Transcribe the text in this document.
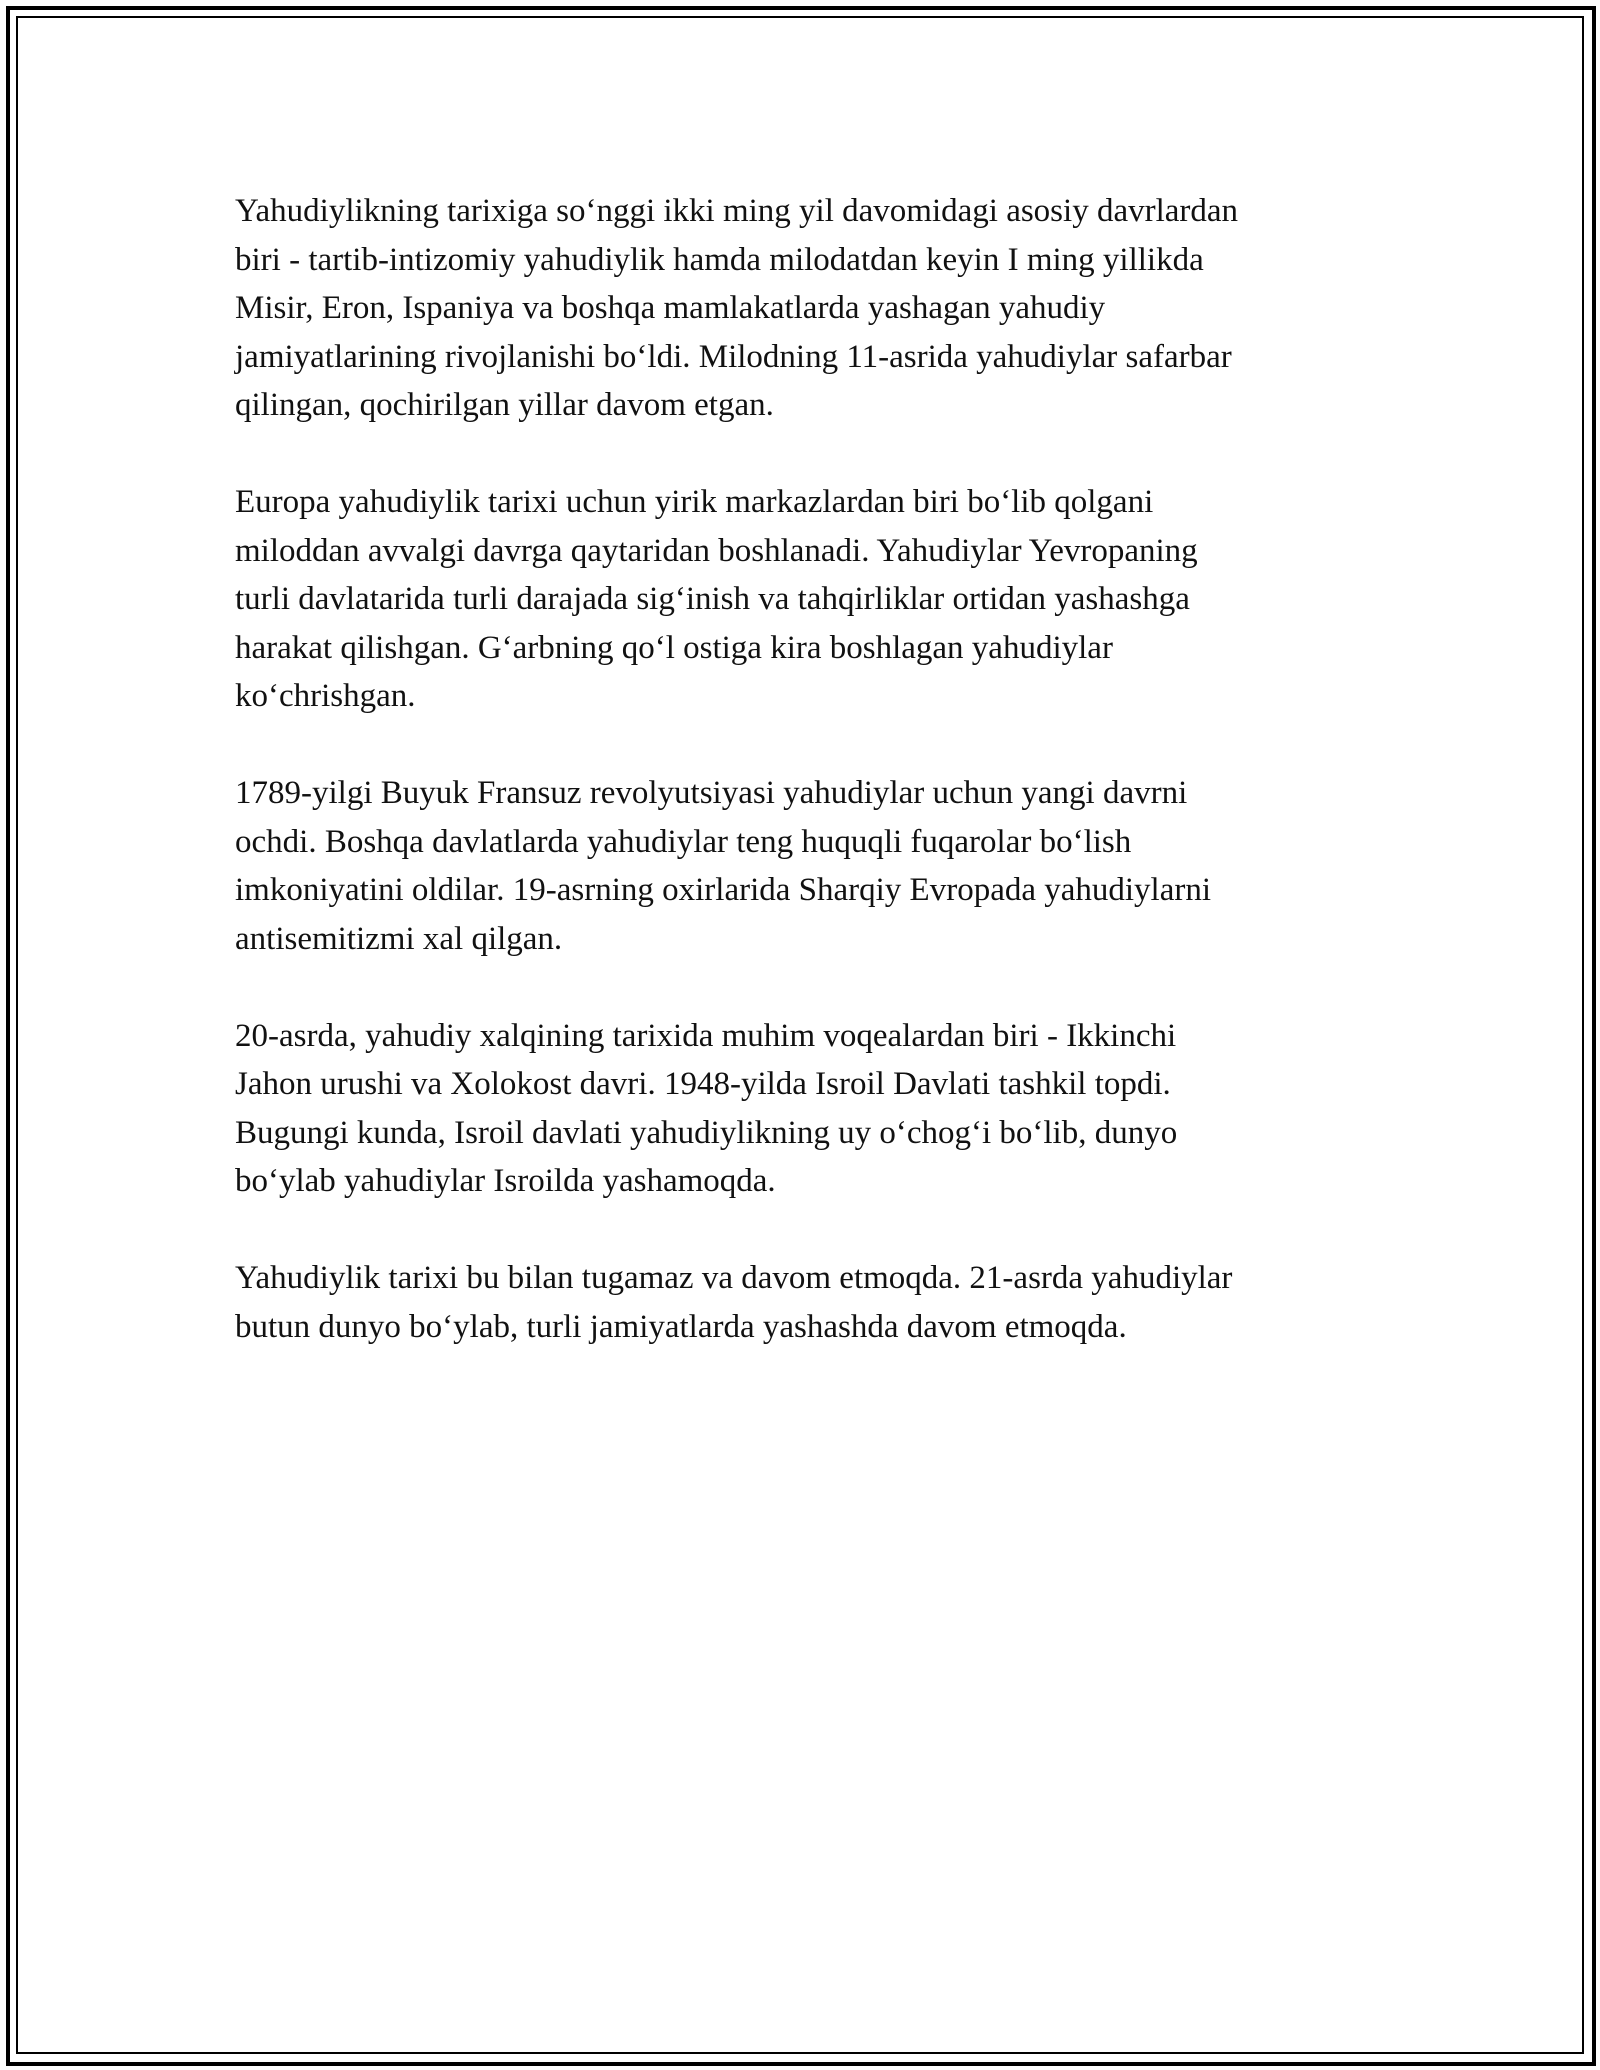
Yahudiylikning tarixiga so‘nggi ikki ming yil davomidagi asosiy davrlardan
biri - tartib-intizomiy yahudiylik hamda milodatdan keyin I ming yillikda
Misir, Eron, Ispaniya va boshqa mamlakatlarda yashagan yahudiy
jamiyatlarining rivojlanishi bo‘ldi. Milodning 11-asrida yahudiylar safarbar
qilingan, qochirilgan yillar davom etgan.

Europa yahudiylik tarixi uchun yirik markazlardan biri bo‘lib qolgani
miloddan avvalgi davrga qaytaridan boshlanadi. Yahudiylar Yevropaning
turli davlatarida turli darajada sig‘inish va tahqirliklar ortidan yashashga
harakat qilishgan. G‘arbning qo‘l ostiga kira boshlagan yahudiylar
ko‘chrishgan.

1789-yilgi Buyuk Fransuz revolyutsiyasi yahudiylar uchun yangi davrni
ochdi. Boshqa davlatlarda yahudiylar teng huquqli fuqarolar bo‘lish
imkoniyatini oldilar. 19-asrning oxirlarida Sharqiy Evropada yahudiylarni
antisemitizmi xal qilgan.

20-asrda, yahudiy xalqining tarixida muhim voqealardan biri - Ikkinchi
Jahon urushi va Xolokost davri. 1948-yilda Isroil Davlati tashkil topdi.
Bugungi kunda, Isroil davlati yahudiylikning uy o‘chog‘i bo‘lib, dunyo
bo‘ylab yahudiylar Isroilda yashamoqda.

Yahudiylik tarixi bu bilan tugamaz va davom etmoqda. 21-asrda yahudiylar
butun dunyo bo‘ylab, turli jamiyatlarda yashashda davom etmoqda.
